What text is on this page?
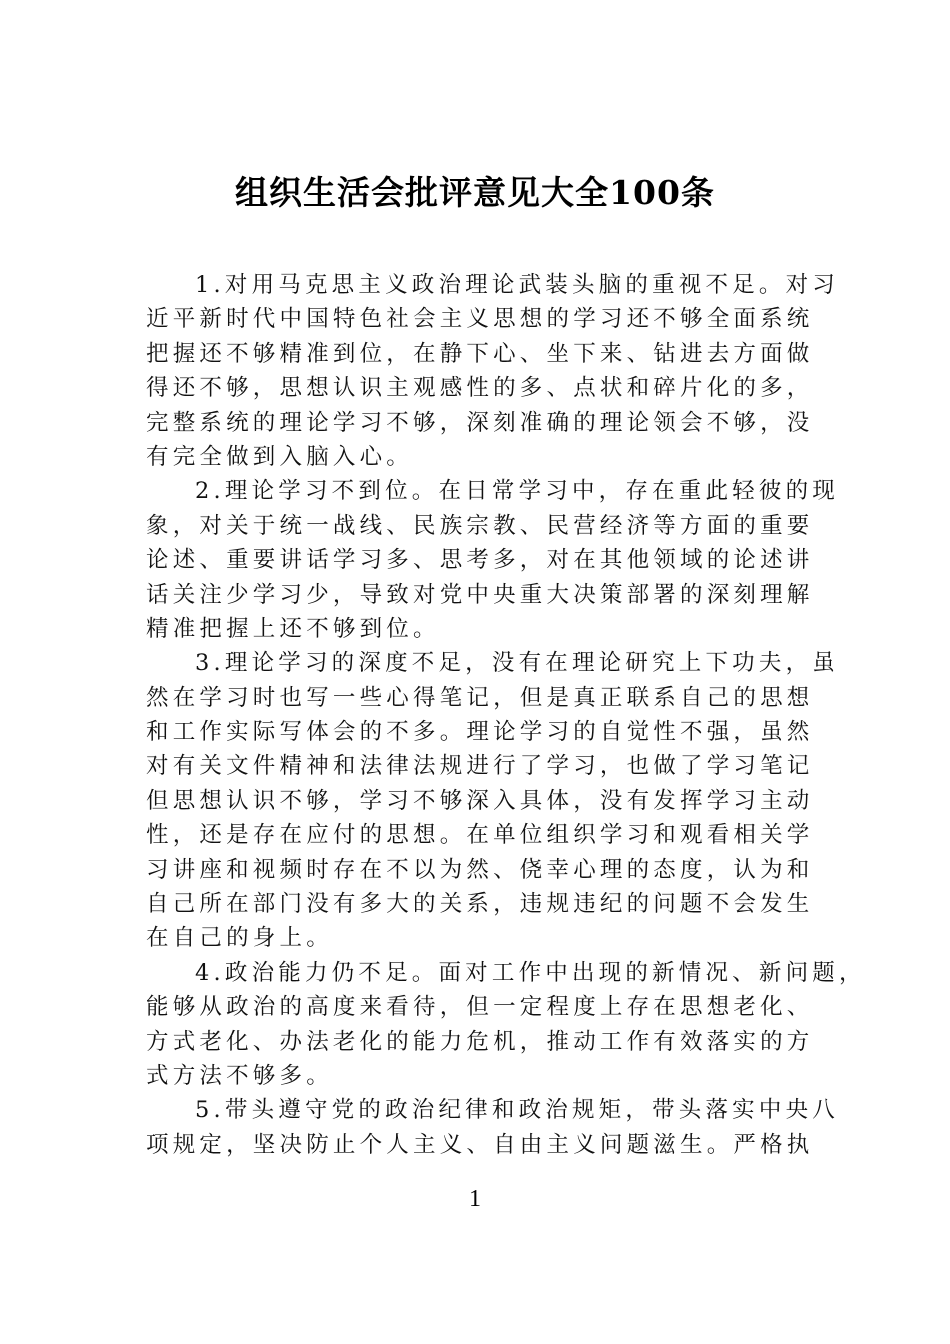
组织生活会批评意见大全100条
1.对用马克思主义政治理论武装头脑的重视不足。对习
近平新时代中国特色社会主义思想的学习还不够全面系统
把握还不够精准到位，在静下心、坐下来、钻进去方面做
得还不够，思想认识主观感性的多、点状和碎片化的多，
完整系统的理论学习不够，深刻准确的理论领会不够，没
有完全做到入脑入心。
2.理论学习不到位。在日常学习中，存在重此轻彼的现
象，对关于统一战线、民族宗教、民营经济等方面的重要
论述、重要讲话学习多、思考多，对在其他领域的论述讲
话关注少学习少，导致对党中央重大决策部署的深刻理解
精准把握上还不够到位。
3.理论学习的深度不足，没有在理论研究上下功夫，虽
然在学习时也写一些心得笔记，但是真正联系自己的思想
和工作实际写体会的不多。理论学习的自觉性不强，虽然
对有关文件精神和法律法规进行了学习，也做了学习笔记
但思想认识不够，学习不够深入具体，没有发挥学习主动
性，还是存在应付的思想。在单位组织学习和观看相关学
习讲座和视频时存在不以为然、侥幸心理的态度，认为和
自己所在部门没有多大的关系，违规违纪的问题不会发生
在自己的身上。
4.政治能力仍不足。面对工作中出现的新情况、新问题，
能够从政治的高度来看待，但一定程度上存在思想老化、
方式老化、办法老化的能力危机，推动工作有效落实的方
式方法不够多。
5.带头遵守党的政治纪律和政治规矩，带头落实中央八
项规定，坚决防止个人主义、自由主义问题滋生。严格执
1
